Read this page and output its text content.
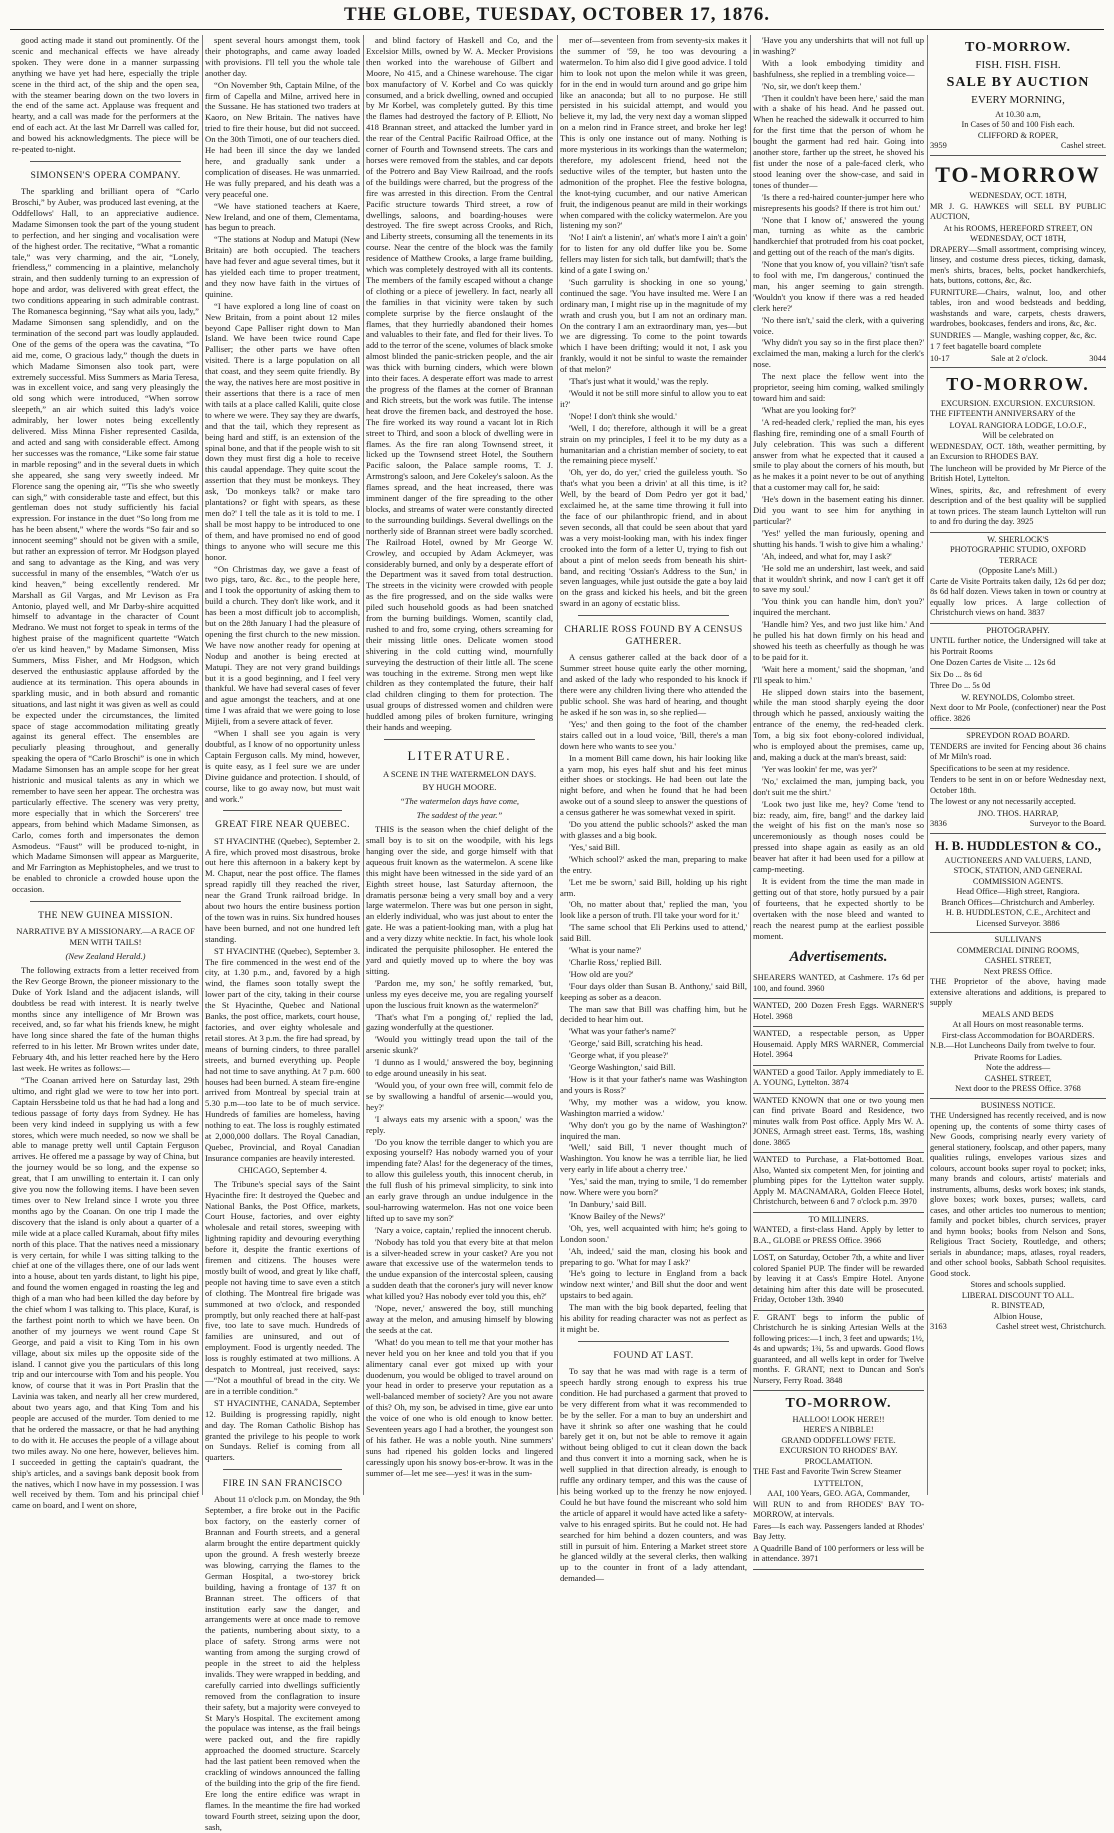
THE GLOBE, TUESDAY, OCTOBER 17, 1876.

good acting made it stand out prominently. Of the scenic and mechanical effects we have already spoken. They were done in a manner surpassing anything we have yet had here, especially the triple scene in the third act, of the ship and the open sea, with the steamer bearing down on the two lovers in the end of the same act. Applause was frequent and hearty, and a call was made for the performers at the end of each act. At the last Mr Darrell was called for, and bowed his acknowledgments. The piece will be re-peated to-night.

SIMONSEN'S OPERA COMPANY.

The sparkling and brilliant opera of “Carlo Broschi,” by Auber, was produced last evening, at the Oddfellows' Hall, to an appreciative audience. Madame Simonsen took the part of the young student to perfection, and her singing and vocalisation were of the highest order. The recitative, “What a romantic tale,” was very charming, and the air, “Lonely, friendless,” commencing in a plaintive, melancholy strain, and then suddenly turning to an expression of hope and ardor, was delivered with great effect, the two conditions appearing in such admirable contrast. The Romanesca beginning, “Say what ails you, lady,” Madame Simonsen sang splendidly, and on the termination of the second part was loudly applauded. One of the gems of the opera was the cavatina, “To aid me, come, O gracious lady,” though the duets in which Madame Simonsen also took part, were extremely successful. Miss Summers as Maria Teresa, was in excellent voice, and sang very pleasingly the old song which were introduced, “When sorrow sleepeth,” an air which suited this lady's voice admirably, her lower notes being excellently delivered. Miss Minna Fisher represented Casilda, and acted and sang with considerable effect. Among her successes was the romance, “Like some fair statue in marble reposing” and in the several duets in which she appeared, she sang very sweetly indeed. Mr Florence sang the opening air, “'Tis she who sweetly can sigh,” with considerable taste and effect, but this gentleman does not study sufficiently his facial expression. For instance in the duet “So long from me has he been absent,” where the words “So fair and so innocent seeming” should not be given with a smile, but rather an expression of terror. Mr Hodgson played and sang to advantage as the King, and was very successful in many of the ensembles, “Watch o'er us kind heaven,” being excellently rendered. Mr Marshall as Gil Vargas, and Mr Levison as Fra Antonio, played well, and Mr Darby-shire acquitted himself to advantage in the character of Count Medrano. We must not forget to speak in terms of the highest praise of the magnificent quartette “Watch o'er us kind heaven,” by Madame Simonsen, Miss Summers, Miss Fisher, and Mr Hodgson, which deserved the enthusiastic applause afforded by the audience at its termination. This opera abounds in sparkling music, and in both absurd and romantic situations, and last night it was given as well as could be expected under the circumstances, the limited space of stage accommodation militating greatly against its general effect. The ensembles are peculiarly pleasing throughout, and generally speaking the opera of “Carlo Broschi” is one in which Madame Simonsen has an ample scope for her great histrionic and musical talents as any in which we remember to have seen her appear. The orchestra was particularly effective. The scenery was very pretty, more especially that in which the Sorcerers' tree appears, from behind which Madame Simonsen, as Carlo, comes forth and impersonates the demon Asmodeus. “Faust” will be produced to-night, in which Madame Simonsen will appear as Marguerite, and Mr Farrington as Mephistopheles, and we trust to be enabled to chronicle a crowded house upon the occasion.

THE NEW GUINEA MISSION.
NARRATIVE BY A MISSIONARY.—A RACE OF MEN WITH TAILS!
(New Zealand Herald.)

The following extracts from a letter received from the Rev George Brown, the pioneer missionary to the Duke of York Island and the adjacent islands, will doubtless be read with interest. It is nearly twelve months since any intelligence of Mr Brown was received, and, so far what his friends knew, he might have long since shared the fate of the human thighs referred to in his letter. Mr Brown writes under date, February 4th, and his letter reached here by the Hero last week. He writes as follows:—

“The Coanan arrived here on Saturday last, 29th ultimo, and right glad we were to tow her into port. Captain Herssbeine told us that he had had a long and tedious passage of forty days from Sydney. He has been very kind indeed in supplying us with a few stores, which were much needed, so now we shall be able to manage pretty well until Captain Ferguson arrives. He offered me a passage by way of China, but the journey would be so long, and the expense so great, that I am unwilling to entertain it. I can only give you now the following items. I have been seven times over to New Ireland since I wrote you three months ago by the Coanan. On one trip I made the discovery that the island is only about a quarter of a mile wide at a place called Kuramah, about fifty miles north of this place. That the natives need a missionary is very certain, for while I was sitting talking to the chief at one of the villages there, one of our lads went into a house, about ten yards distant, to light his pipe, and found the women engaged in roasting the leg and thigh of a man who had been killed the day before by the chief whom I was talking to. This place, Kuraf, is the farthest point north to which we have been. On another of my journeys we went round Cape St George, and paid a visit to King Tom in his own village, about six miles up the opposite side of the island. I cannot give you the particulars of this long trip and our intercourse with Tom and his people. You know, of course that it was in Port Praslin that the Lavinia was taken, and nearly all her crew murdered, about two years ago, and that King Tom and his people are accused of the murder. Tom denied to me that he ordered the massacre, or that he had anything to do with it. He accuses the people of a village about two miles away. No one here, however, believes him. I succeeded in getting the captain's quadrant, the ship's articles, and a savings bank deposit book from the natives, which I now have in my possession. I was well received by them. Tom and his principal chief came on board, and I went on shore,

spent several hours amongst them, took their photographs, and came away loaded with provisions. I'll tell you the whole tale another day.

“On November 9th, Captain Milne, of the firm of Capella and Milne, arrived here in the Sussane. He has stationed two traders at Kaoro, on New Britain. The natives have tried to fire their house, but did not succeed. On the 30th Timoti, one of our teachers died. He had been ill since the day we landed here, and gradually sank under a complication of diseases. He was unmarried. He was fully prepared, and his death was a very peaceful one.

“We have stationed teachers at Kaere, New Ireland, and one of them, Clementama, has begun to preach.

“The stations at Nodup and Matupi (New Britain) are both occupied. The teachers have had fever and ague several times, but it has yielded each time to proper treatment, and they now have faith in the virtues of quinine.

“I have explored a long line of coast on New Britain, from a point about 12 miles beyond Cape Palliser right down to Man Island. We have been twice round Cape Palliser; the other parts we have often visited. There is a large population on all that coast, and they seem quite friendly. By the way, the natives here are most positive in their assertions that there is a race of men with tails at a place called Kalili, quite close to where we were. They say they are dwarfs, and that the tail, which they represent as being hard and stiff, is an extension of the spinal bone, and that if the people wish to sit down they must first dig a hole to receive this caudal appendage. They quite scout the assertion that they must be monkeys. They ask, 'Do monkeys talk? or make taro plantations? or fight with spears, as these men do?' I tell the tale as it is told to me. I shall be most happy to be introduced to one of them, and have promised no end of good things to anyone who will secure me this honor.

“On Christmas day, we gave a feast of two pigs, taro, &c. &c., to the people here, and I took the opportunity of asking them to build a church. They don't like work, and it has been a most difficult job to accomplish, but on the 28th January I had the pleasure of opening the first church to the new mission. We have now another ready for opening at Nodup and another is being erected at Matupi. They are not very grand buildings but it is a good beginning, and I feel very thankful. We have had several cases of fever and ague amongst the teachers, and at one time I was afraid that we were going to lose Mijieli, from a severe attack of fever.

“When I shall see you again is very doubtful, as I know of no opportunity unless Captain Ferguson calls. My mind, however, is quite easy, as I feel sure we are under Divine guidance and protection. I should, of course, like to go away now, but must wait and work.”

GREAT FIRE NEAR QUEBEC.

ST HYACINTHE (Quebec), September 2. A fire, which proved most disastrous, broke out here this afternoon in a bakery kept by M. Chaput, near the post office. The flames spread rapidly till they reached the river, near the Grand Trunk railroad bridge. In about two hours the entire business portion of the town was in ruins. Six hundred houses have been burned, and not one hundred left standing.

ST HYACINTHE (Quebec), September 3. The fire commenced in the west end of the city, at 1.30 p.m., and, favored by a high wind, the flames soon totally swept the lower part of the city, taking in their course the St Hyacinthe, Quebec and National Banks, the post office, markets, court house, factories, and over eighty wholesale and retail stores. At 3 p.m. the fire had spread, by means of burning cinders, to three parallel streets, and burned everything up. People had not time to save anything. At 7 p.m. 600 houses had been burned. A steam fire-engine arrived from Montreal by special train at 5.30 p.m—too late to be of much service. Hundreds of families are homeless, having nothing to eat. The loss is roughly estimated at 2,000,000 dollars. The Royal Canadian, Quebec, Provincial, and Royal Canadian Insurance companies are heavily interested.

CHICAGO, September 4.

The Tribune's special says of the Saint Hyacinthe fire: It destroyed the Quebec and National Banks, the Post Office, markets, Court House, factories, and over eighty wholesale and retail stores, sweeping with lightning rapidity and devouring everything before it, despite the frantic exertions of firemen and citizens. The houses were mostly built of wood, and great ly like chaff, people not having time to save even a stitch of clothing. The Montreal fire brigade was summoned at two o'clock, and responded promptly, but only reached there at half-past five, too late to save much. Hundreds of families are uninsured, and out of employment. Food is urgently needed. The loss is roughly estimated at two millions. A despatch to Montreal, just received, says:—“Not a mouthful of bread in the city. We are in a terrible condition.”

ST HYACINTHE, CANADA, September 12. Building is progressing rapidly, night and day. The Roman Catholic Bishop has granted the privilege to his people to work on Sundays. Relief is coming from all quarters.

FIRE IN SAN FRANCISCO

About 11 o'clock p.m. on Monday, the 9th September, a fire broke out in the Pacific box factory, on the easterly corner of Brannan and Fourth streets, and a general alarm brought the entire department quickly upon the ground. A fresh westerly breeze was blowing, carrying the flames to the German Hospital, a two-storey brick building, having a frontage of 137 ft on Brannan street. The officers of that institution early saw the danger, and arrangements were at once made to remove the patients, numbering about sixty, to a place of safety. Strong arms were not wanting from among the surging crowd of people in the street to aid the helpless invalids. They were wrapped in bedding, and carefully carried into dwellings sufficiently removed from the conflagration to insure their safety, but a majority were conveyed to St Mary's Hospital. The excitement among the populace was intense, as the frail beings were packed out, and the fire rapidly approached the doomed structure. Scarcely had the last patient been removed when the crackling of windows announced the falling of the building into the grip of the fire fiend. Ere long the entire edifice was wrapt in flames. In the meantime the fire had worked toward Fourth street, seizing upon the door, sash,

and blind factory of Haskell and Co, and the Excelsior Mills, owned by W. A. Mecker Provisions then worked into the warehouse of Gilbert and Moore, No 415, and a Chinese warehouse. The cigar box manufactory of V. Korbel and Co was quickly consumed, and a brick dwelling, owned and occupied by Mr Korbel, was completely gutted. By this time the flames had destroyed the factory of P. Elliott, No 418 Brannan street, and attacked the lumber yard in the rear of the Central Pacific Railroad Office, at the corner of Fourth and Townsend streets. The cars and horses were removed from the stables, and car depots of the Potrero and Bay View Railroad, and the roofs of the buildings were charred, but the progress of the fire was arrested in this direction. From the Central Pacific structure towards Third street, a row of dwellings, saloons, and boarding-houses were destroyed. The fire swept across Crooks, and Rich, and Liberty streets, consuming all the tenements in its course. Near the centre of the block was the family residence of Matthew Crooks, a large frame building, which was completely destroyed with all its contents. The members of the family escaped without a change of clothing or a piece of jewellery. In fact, nearly all the families in that vicinity were taken by such complete surprise by the fierce onslaught of the flames, that they hurriedly abandoned their homes and valuables to their fate, and fled for their lives. To add to the terror of the scene, volumes of black smoke almost blinded the panic-stricken people, and the air was thick with burning cinders, which were blown into their faces. A desperate effort was made to arrest the progress of the flames at the corner of Brannan and Rich streets, but the work was futile. The intense heat drove the firemen back, and destroyed the hose. The fire worked its way round a vacant lot in Rich street to Third, and soon a block of dwelling were in flames. As the fire ran along Townsend street, it licked up the Townsend street Hotel, the Southern Pacific saloon, the Palace sample rooms, T. J. Armstrong's saloon, and Jere Cokeley's saloon. As the flames spread, and the heat increased, there was imminent danger of the fire spreading to the other blocks, and streams of water were constantly directed to the surrounding buildings. Several dwellings on the northerly side of Brannan street were badly scorched. The Railroad Hotel, owned by Mr George W. Crowley, and occupied by Adam Ackmeyer, was considerably burned, and only by a desperate effort of the Department was it saved from total destruction. The streets in the vicinity were crowded with people as the fire progressed, and on the side walks were piled such household goods as had been snatched from the burning buildings. Women, scantily clad, rushed to and fro, some crying, others screaming for their missing little ones. Delicate women stood shivering in the cold cutting wind, mournfully surveying the destruction of their little all. The scene was touching in the extreme. Strong men wept like children as they contemplated the future, their half clad children clinging to them for protection. The usual groups of distressed women and children were huddled among piles of broken furniture, wringing their hands and weeping.

LITERATURE.
A SCENE IN THE WATERMELON DAYS.
BY HUGH MOORE.
“The watermelon days have come,
The saddest of the year.”

THIS is the season when the chief delight of the small boy is to sit on the woodpile, with his legs hanging over the side, and gorge himself with that aqueous fruit known as the watermelon. A scene like this might have been witnessed in the side yard of an Eighth street house, last Saturday afternoon, the dramatis personæ being a very small boy and a very large watermelon. There was but one person in sight, an elderly individual, who was just about to enter the gate. He was a patient-looking man, with a plug hat and a very dizzy white necktie. In fact, his whole look indicated the perquisite philosopher. He entered the yard and quietly moved up to where the boy was sitting.

'Pardon me, my son,' he softly remarked, 'but, unless my eyes deceive me, you are regaling yourself upon the luscious fruit known as the watermelon?'

'That's what I'm a ponging of,' replied the lad, gazing wonderfully at the questioner.

'Would you wittingly tread upon the tail of the arsenic skunk?'

'I dunno as I would,' answered the boy, beginning to edge around uneasily in his seat.

'Would you, of your own free will, commit felo de se by swallowing a handful of arsenic—would you, hey?'

'I always eats my arsenic with a spoon,' was the reply.

'Do you know the terrible danger to which you are exposing yourself? Has nobody warned you of your impending fate? Alas! for the degeneracy of the times, to allow this guileless youth, this innocent cherub, in the full flush of his primeval simplicity, to sink into an early grave through an undue indulgence in the soul-harrowing watermelon. Has not one voice been lifted up to save my son?'

'Nary a voice, captain,' replied the innocent cherub.

'Nobody has told you that every bite at that melon is a silver-headed screw in your casket? Are you not aware that excessive use of the watermelon tends to the undue expansion of the intercostal spleen, causing a sudden death that the coroner's jury will never know what killed you? Has nobody ever told you this, eh?'

'Nope, never,' answered the boy, still munching away at the melon, and amusing himself by blowing the seeds at the cat.

'What! do you mean to tell me that your mother has never held you on her knee and told you that if you alimentary canal ever got mixed up with your duodenum, you would be obliged to travel around on your head in order to preserve your reputation as a well-balanced member of society? Are you not aware of this? Oh, my son, be advised in time, give ear unto the voice of one who is old enough to know better. Seventeen years ago I had a brother, the youngest son of his father. He was a noble youth. Nine summers' suns had ripened his golden locks and lingered caressingly upon his snowy bos-er-brow. It was in the summer of—let me see—yes! it was in the sum-

mer of—seventeen from from seventy-six makes it the summer of '59, he too was devouring a watermelon. To him also did I give good advice. I told him to look not upon the melon while it was green, for in the end in would turn around and go gripe him like an anaconda; but all to no purpose. He still persisted in his suicidal attempt, and would you believe it, my lad, the very next day a woman slipped on a melon rind in France street, and broke her leg! This is only one instance out of many. Nothing is more mysterious in its workings than the watermelon; therefore, my adolescent friend, heed not the seductive wiles of the tempter, but hasten unto the admonition of the prophet. Flee the festive bologna, the knot-tying cucumber, and our native American fruit, the indigenous peanut are mild in their workings when compared with the colicky watermelon. Are you listening my son?'

'No! I ain't a listenin', an' what's more I ain't a goin' for to listen for any old duffer like you be. Some fellers may listen for sich talk, but damfwill; that's the kind of a gate I swing on.'

'Such garrulity is shocking in one so young,' continued the sage. 'You have insulted me. Were I an ordinary man, I might rise up in the magnitude of my wrath and crush you, but I am not an ordinary man. On the contrary I am an extraordinary man, yes—but we are digressing. To come to the point towards which I have been drifting; would it not, I ask you frankly, would it not be sinful to waste the remainder of that melon?'

'That's just what it would,' was the reply.

'Would it not be still more sinful to allow you to eat it?'

'Nope! I don't think she would.'

'Well, I do; therefore, although it will be a great strain on my principles, I feel it to be my duty as a humanitarian and a christian member of society, to eat the remaining piece myself.'

'Oh, yer do, do yer,' cried the guileless youth. 'So that's what you been a drivin' at all this time, is it? Well, by the beard of Dom Pedro yer got it bad,' exclaimed he, at the same time throwing it full into the face of our philanthropic friend, and in about seven seconds, all that could be seen about that yard was a very moist-looking man, with his index finger crooked into the form of a letter U, trying to fish out about a pint of melon seeds from beneath his shirt-band, and reciting 'Ossian's Address to the Sun,' in seven languages, while just outside the gate a boy laid on the grass and kicked his heels, and bit the green sward in an agony of ecstatic bliss.

CHARLIE ROSS FOUND BY A CENSUS GATHERER.

A census gatherer called at the back door of a Summer street house quite early the other morning, and asked of the lady who responded to his knock if there were any children living there who attended the public school. She was hard of hearing, and thought he asked if he son was in, so she replied—

'Yes;' and then going to the foot of the chamber stairs called out in a loud voice, 'Bill, there's a man down here who wants to see you.'

In a moment Bill came down, his hair looking like a yarn mop, his eyes half shut and his feet minus either shoes or stockings. He had been out late the night before, and when he found that he had been awoke out of a sound sleep to answer the questions of a census gatherer he was somewhat vexed in spirit.

'Do you attend the public schools?' asked the man with glasses and a big book.

'Yes,' said Bill.

'Which school?' asked the man, preparing to make the entry.

'Let me be sworn,' said Bill, holding up his right arm.

'Oh, no matter about that,' replied the man, 'you look like a person of truth. I'll take your word for it.'

'The same school that Eli Perkins used to attend,' said Bill.

'What is your name?'

'Charlie Ross,' replied Bill.

'How old are you?'

'Four days older than Susan B. Anthony,' said Bill, keeping as sober as a deacon.

The man saw that Bill was chaffing him, but he decided to hear him out.

'What was your father's name?'

'George,' said Bill, scratching his head.

'George what, if you please?'

'George Washington,' said Bill.

'How is it that your father's name was Washington and yours is Ross?'

'Why, my mother was a widow, you know. Washington married a widow.'

'Why don't you go by the name of Washington?' inquired the man.

'Well,' said Bill, 'I never thought much of Washington. You know he was a terrible liar, he lied very early in life about a cherry tree.'

'Yes,' said the man, trying to smile, 'I do remember now. Where were you born?'

'In Danbury,' said Bill.

'Know Bailey of the News?'

'Oh, yes, well acquainted with him; he's going to London soon.'

'Ah, indeed,' said the man, closing his book and preparing to go. 'What for may I ask?'

'He's going to lecture in England from a back window next winter,' and Bill shut the door and went upstairs to bed again.

The man with the big book departed, feeling that his ability for reading character was not as perfect as it might be.

FOUND AT LAST.

To say that he was mad with rage is a term of speech hardly strong enough to express his true condition. He had purchased a garment that proved to be very different from what it was recommended to be by the seller. For a man to buy an undershirt and have it shrink so after one washing that he could barely get it on, but not be able to remove it again without being obliged to cut it clean down the back and thus convert it into a morning sack, when he is well supplied in that direction already, is enough to ruffle any ordinary temper, and this was the cause of his being worked up to the frenzy he now enjoyed. Could he but have found the miscreant who sold him the article of apparel it would have acted like a safety-valve to his enraged spirits. But he could not. He had searched for him behind a dozen counters, and was still in pursuit of him. Entering a Market street store he glanced wildly at the several clerks, then walking up to the counter in front of a lady attendant, demanded—

'Have you any undershirts that will not full up in washing?'

With a look embodying timidity and bashfulness, she replied in a trembling voice—

'No, sir, we don't keep them.'

'Then it couldn't have been here,' said the man with a shake of his head. And he passed out. When he reached the sidewalk it occurred to him for the first time that the person of whom he bought the garment had red hair. Going into another store, farther up the street, he shoved his fist under the nose of a pale-faced clerk, who stood leaning over the show-case, and said in tones of thunder—

'Is there a red-haired counter-jumper here who misrepresents his goods? If there is trot him out.'

'None that I know of,' answered the young man, turning as white as the cambric handkerchief that protruded from his coat pocket, and getting out of the reach of the man's digits.

'None that you know of, you villain? 'tisn't safe to fool with me, I'm dangerous,' continued the man, his anger seeming to gain strength. 'Wouldn't you know if there was a red headed clerk here?'

'No there isn't,' said the clerk, with a quivering voice.

'Why didn't you say so in the first place then?' exclaimed the man, making a lurch for the clerk's nose.

The next place the fellow went into the proprietor, seeing him coming, walked smilingly toward him and said:

'What are you looking for?'

'A red-headed clerk,' replied the man, his eyes flashing fire, reminding one of a small Fourth of July celebration. This was such a different answer from what he expected that it caused a smile to play about the corners of his mouth, but as he makes it a point never to be out of anything that a customer may call for, he said:

'He's down in the basement eating his dinner. Did you want to see him for anything in particular?'

'Yes!' yelled the man furiously, opening and shutting his hands. 'I wish to give him a whaling.'

'Ah, indeed, and what for, may I ask?'

'He sold me an undershirt, last week, and said that it wouldn't shrink, and now I can't get it off to save my soul.'

'You think you can handle him, don't you?' inquired the merchant.

'Handle him? Yes, and two just like him.' And he pulled his hat down firmly on his head and showed his teeth as cheerfully as though he was to be paid for it.

'Wait here a moment,' said the shopman, 'and I'll speak to him.'

He slipped down stairs into the basement, while the man stood sharply eyeing the door through which he passed, anxiously waiting the entrance of the enemy, the red-headed clerk. Tom, a big six foot ebony-colored individual, who is employed about the premises, came up, and, making a duck at the man's breast, said:

'Yer was lookin' fer me, was yer?'

'No,' exclaimed the man, jumping back, you don't suit me the shirt.'

'Look two just like me, hey? Come 'tend to biz: ready, aim, fire, bang!' and the darkey laid the weight of his fist on the man's nose so unceremoniously as though noses could be pressed into shape again as easily as an old beaver hat after it had been used for a pillow at camp-meeting.

It is evident from the time the man made in getting out of that store, hotly pursued by a pair of fourteens, that he expected shortly to be overtaken with the nose bleed and wanted to reach the nearest pump at the earliest possible moment.

Advertisements.

SHEARERS WANTED, at Cashmere. 17s 6d per 100, and found. 3960

WANTED, 200 Dozen Fresh Eggs. WARNER'S Hotel. 3968

WANTED, a respectable person, as Upper Housemaid. Apply MRS WARNER, Commercial Hotel. 3964

WANTED a good Tailor. Apply immediately to E. A. YOUNG, Lyttelton. 3874

WANTED KNOWN that one or two young men can find private Board and Residence, two minutes walk from Post office. Apply Mrs W. A. JONES, Armagh street east. Terms, 18s, washing done. 3865

WANTED to Purchase, a Flat-bottomed Boat. Also, Wanted six competent Men, for jointing and plumbing pipes for the Lyttelton water supply. Apply M. MACNAMARA, Golden Fleece Hotel, Christchurch, between 6 and 7 o'clock p.m. 3970

TO MILLINERS.

WANTED, a first-class Hand. Apply by letter to B.A., GLOBE or PRESS Office. 3966

LOST, on Saturday, October 7th, a white and liver colored Spaniel PUP. The finder will be rewarded by leaving it at Cass's Empire Hotel. Anyone detaining him after this date will be prosecuted. Friday, October 13th. 3940

F. GRANT begs to inform the public of Christchurch he is sinking Artesian Wells at the following prices:—1 inch, 3 feet and upwards; 1½, 4s and upwards; 1¾, 5s and upwards. Good flows guaranteed, and all wells kept in order for Twelve months. F. GRANT, next to Duncan and Son's Nursery, Ferry Road. 3848

TO-MORROW.
HALLOO! LOOK HERE!!
HERE'S A NIBBLE!
GRAND ODDFELLOWS' FETE.
EXCURSION TO RHODES' BAY.
PROCLAMATION.

THE Fast and Favorite Twin Screw Steamer

LYTTELTON,
AAI, 100 Years, GEO. AGA, Commander,

Will RUN to and from RHODES' BAY TO-MORROW, at intervals.

Fares—Is each way. Passengers landed at Rhodes' Bay Jetty.

A Quadrille Band of 100 performers or less will be in attendance. 3971

TO-MORROW.
FISH. FISH. FISH.
SALE BY AUCTION
EVERY MORNING,
At 10.30 a.m,
In Cases of 50 and 100 Fish each.
CLIFFORD & ROPER,
3959	Cashel street.
TO-MORROW
WEDNESDAY, OCT. 18TH,

MR J. G. HAWKES will SELL BY PUBLIC AUCTION,

At his ROOMS, HEREFORD STREET, ON WEDNESDAY, OCT 18TH,

DRAPERY—Small assortment, comprising wincey, linsey, and costume dress pieces, ticking, damask, men's shirts, braces, belts, pocket handkerchiefs, hats, buttons, cottons, &c, &c.

FURNITURE—Chairs, walnut, loo, and other tables, iron and wood bedsteads and bedding, washstands and ware, carpets, chests drawers, wardrobes, bookcases, fenders and irons, &c, &c.

SUNDRIES — Mangle, washing copper, &c, &c.

1 7 feet bagatelle board complete

10-17	Sale at 2 o'clock.	3044
TO-MORROW.
EXCURSION. EXCURSION. EXCURSION.

THE FIFTEENTH ANNIVERSARY of the

LOYAL RANGIORA LODGE, I.O.O.F.,
Will be celebrated on

WEDNESDAY, OCT. 18th, weather permitting, by an Excursion to RHODES BAY.

The luncheon will be provided by Mr Pierce of the British Hotel, Lyttelton.

Wines, spirits, &c, and refreshment of every description and of the best quality will be supplied at town prices. The steam launch Lyttelton will run to and fro during the day. 3925

W. SHERLOCK'S
PHOTOGRAPHIC STUDIO, OXFORD TERRACE
(Opposite Lane's Mill.)

Carte de Visite Portraits taken daily, 12s 6d per doz; 8s 6d half dozen. Views taken in town or country at equally low prices. A large collection of Christchurch views on hand. 3837

PHOTOGRAPHY.

UNTIL further notice, the Undersigned will take at his Portrait Rooms

One Dozen Cartes de Visite ... 12s 6d

Six Do ... 8s 6d

Three Do ... 5s 0d

W. REYNOLDS, Colombo street.

Next door to Mr Poole, (confectioner) near the Post office. 3826

SPREYDON ROAD BOARD.

TENDERS are invited for Fencing about 36 chains of Mr Miln's road.

Specifications to be seen at my residence.

Tenders to be sent in on or before Wednesday next, October 18th.

The lowest or any not necessarily accepted.

JNO. THOS. HARRAP,
3836	Surveyor to the Board.
H. B. HUDDLESTON & CO.,
AUCTIONEERS AND VALUERS, LAND, STOCK, STATION, AND GENERAL COMMISSION AGENTS.
Head Office—High street, Rangiora.
Branch Offices—Christchurch and Amberley.
H. B. HUDDLESTON, C.E., Architect and Licensed Surveyor. 3886
SULLIVAN'S
COMMERCIAL DINING ROOMS,
CASHEL STREET,
Next PRESS Office.

THE Proprietor of the above, having made extensive alterations and additions, is prepared to supply

MEALS AND BEDS
At all Hours on most reasonable terms.
First-class Accommodation for BOARDERS.

N.B.—Hot Luncheons Daily from twelve to four.

Private Rooms for Ladies.
Note the address—
CASHEL STREET,
Next door to the PRESS Office. 3768
BUSINESS NOTICE.

THE Undersigned has recently received, and is now opening up, the contents of some thirty cases of New Goods, comprising nearly every variety of general stationery, foolscap, and other papers, many qualities rulings, envelopes various sizes and colours, account books super royal to pocket; inks, many brands and colours, artists' materials and instruments, albums, desks work boxes; ink stands, glove boxes; work boxes, purses; wallets, card cases, and other articles too numerous to mention; family and pocket bibles, church services, prayer and hymn books; books from Nelson and Sons, Religious Tract Society, Routledge, and others; serials in abundance; maps, atlases, royal readers, and other school books, Sabbath School requisites. Good stock.

Stores and schools supplied.
LIBERAL DISCOUNT TO ALL.
R. BINSTEAD,
Albion House,
3163	Cashel street west, Christchurch.
